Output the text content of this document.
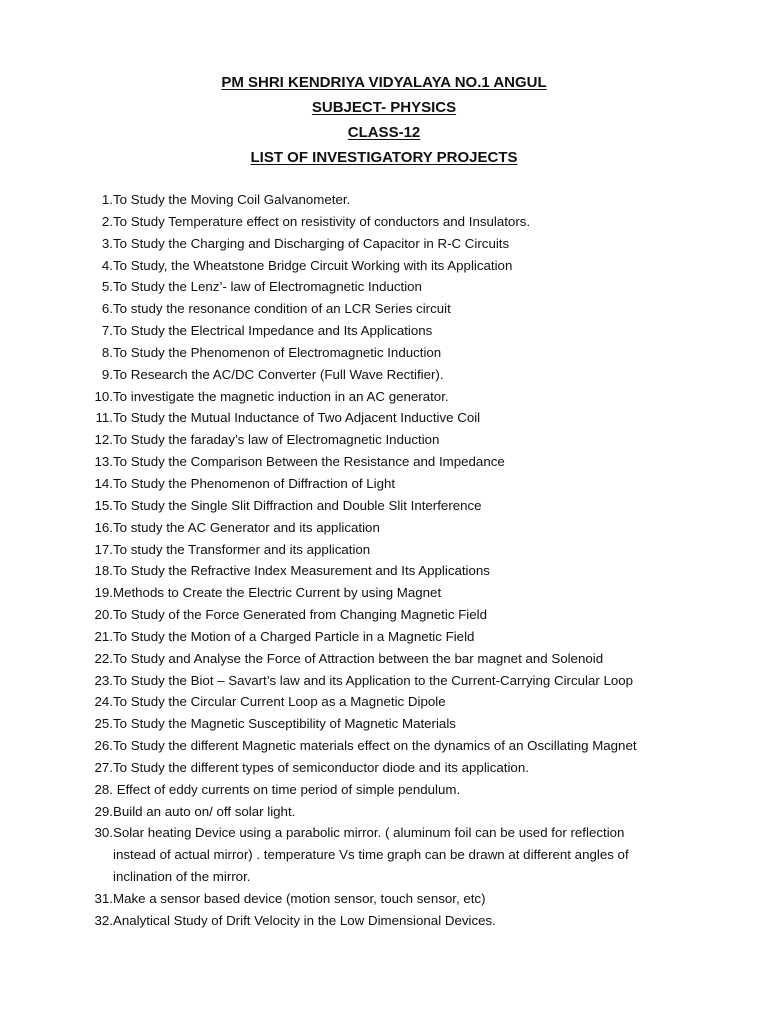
PM SHRI KENDRIYA VIDYALAYA NO.1 ANGUL
SUBJECT- PHYSICS
CLASS-12
LIST OF INVESTIGATORY PROJECTS
1. To Study the Moving Coil Galvanometer.
2. To Study Temperature effect on resistivity of conductors and Insulators.
3. To Study the Charging and Discharging of Capacitor in R-C Circuits
4. To Study, the Wheatstone Bridge Circuit Working with its Application
5. To Study the Lenz’- law of Electromagnetic Induction
6. To study the resonance condition of an LCR Series circuit
7. To Study the Electrical Impedance and Its Applications
8. To Study the Phenomenon of Electromagnetic Induction
9. To Research the AC/DC Converter (Full Wave Rectifier).
10. To investigate the magnetic induction in an AC generator.
11. To Study the Mutual Inductance of Two Adjacent Inductive Coil
12. To Study the faraday’s law of Electromagnetic Induction
13. To Study the Comparison Between the Resistance and Impedance
14. To Study the Phenomenon of Diffraction of Light
15. To Study the Single Slit Diffraction and Double Slit Interference
16. To study the AC Generator and its application
17. To study the Transformer and its application
18. To Study the Refractive Index Measurement and Its Applications
19. Methods to Create the Electric Current by using Magnet
20. To Study of the Force Generated from Changing Magnetic Field
21. To Study the Motion of a Charged Particle in a Magnetic Field
22. To Study and Analyse the Force of Attraction between the bar magnet and Solenoid
23. To Study the Biot – Savart’s law and its Application to the Current-Carrying Circular Loop
24. To Study the Circular Current Loop as a Magnetic Dipole
25. To Study the Magnetic Susceptibility of Magnetic Materials
26. To Study the different Magnetic materials effect on the dynamics of an Oscillating Magnet
27. To Study the different types of semiconductor diode and its application.
28. Effect of eddy currents on time period of simple pendulum.
29. Build an auto on/ off solar light.
30. Solar heating Device using a parabolic mirror. ( aluminum foil can be used for reflection instead of actual mirror) . temperature Vs time graph can be drawn at different angles of inclination of the mirror.
31. Make a sensor based device (motion sensor, touch sensor, etc)
32. Analytical Study of Drift Velocity in the Low Dimensional Devices.
